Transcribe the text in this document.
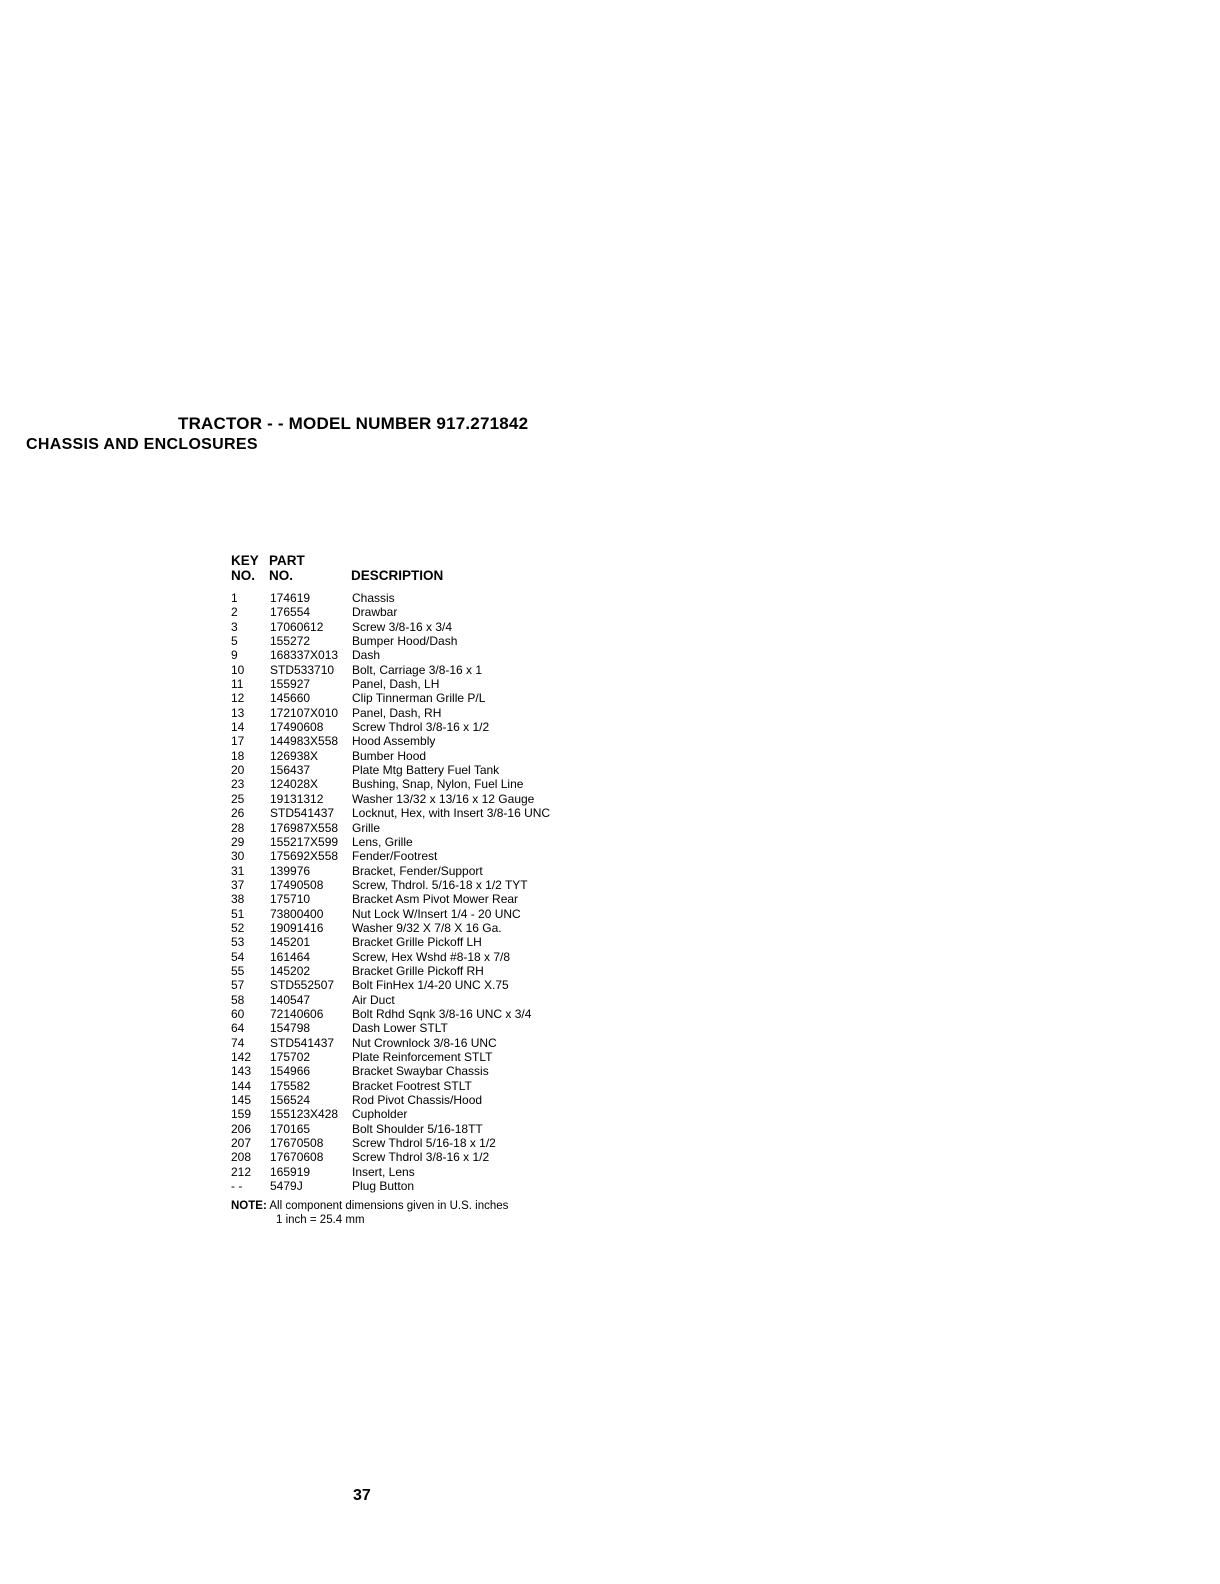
TRACTOR - - MODEL NUMBER 917.271842
CHASSIS AND ENCLOSURES
KEY
NO.
PART
NO.	DESCRIPTION
1	174619	Chassis
2	176554	Drawbar
3	17060612 Screw 3/8-16 x 3/4
5	155272	Bumper Hood/Dash
9	168337X013 Dash
10 STD533710 Bolt, Carriage 3/8-16 x 1
11 155927	Panel, Dash, LH
12 145660	Clip Tinnerman Grille P/L
13 172107X010 Panel, Dash, RH
14 17490608 Screw Thdrol 3/8-16 x 1/2
17 144983X558 Hood Assembly
18 126938X	Bumber Hood
20 156437	Plate Mtg Battery Fuel Tank
23 124028X	Bushing, Snap, Nylon, Fuel Line
25 19131312 Washer 13/32 x 13/16 x 12 Gauge
26 STD541437 Locknut, Hex, with Insert 3/8-16 UNC
28 176987X558 Grille
29 155217X599 Lens, Grille
30 175692X558 Fender/Footrest
31 139976	Bracket, Fender/Support
37 17490508 Screw, Thdrol. 5/16-18 x 1/2 TYT
38 175710	Bracket Asm Pivot Mower Rear
51 73800400 Nut Lock W/Insert 1/4 - 20 UNC
52 19091416 Washer 9/32 X 7/8 X 16 Ga.
53 145201	Bracket Grille Pickoff LH
54 161464	Screw, Hex Wshd #8-18 x 7/8
55 145202	Bracket Grille Pickoff RH
57 STD552507 Bolt FinHex 1/4-20 UNC X.75
58 140547	Air Duct
60 72140606 Bolt Rdhd Sqnk 3/8-16 UNC x 3/4
64 154798	Dash Lower STLT
74 STD541437 Nut Crownlock 3/8-16 UNC
142 175702	Plate Reinforcement STLT
143 154966	Bracket Swaybar Chassis
144 175582	Bracket Footrest STLT
145 156524	Rod Pivot Chassis/Hood
159 155123X428 Cupholder
206 170165	Bolt Shoulder 5/16-18TT
207 17670508 Screw Thdrol 5/16-18 x 1/2
208 17670608 Screw Thdrol 3/8-16 x 1/2
212 165919	Insert, Lens
- - 5479J	Plug Button
NOTE: All component dimensions given in U.S. inches
1 inch = 25.4 mm
37
